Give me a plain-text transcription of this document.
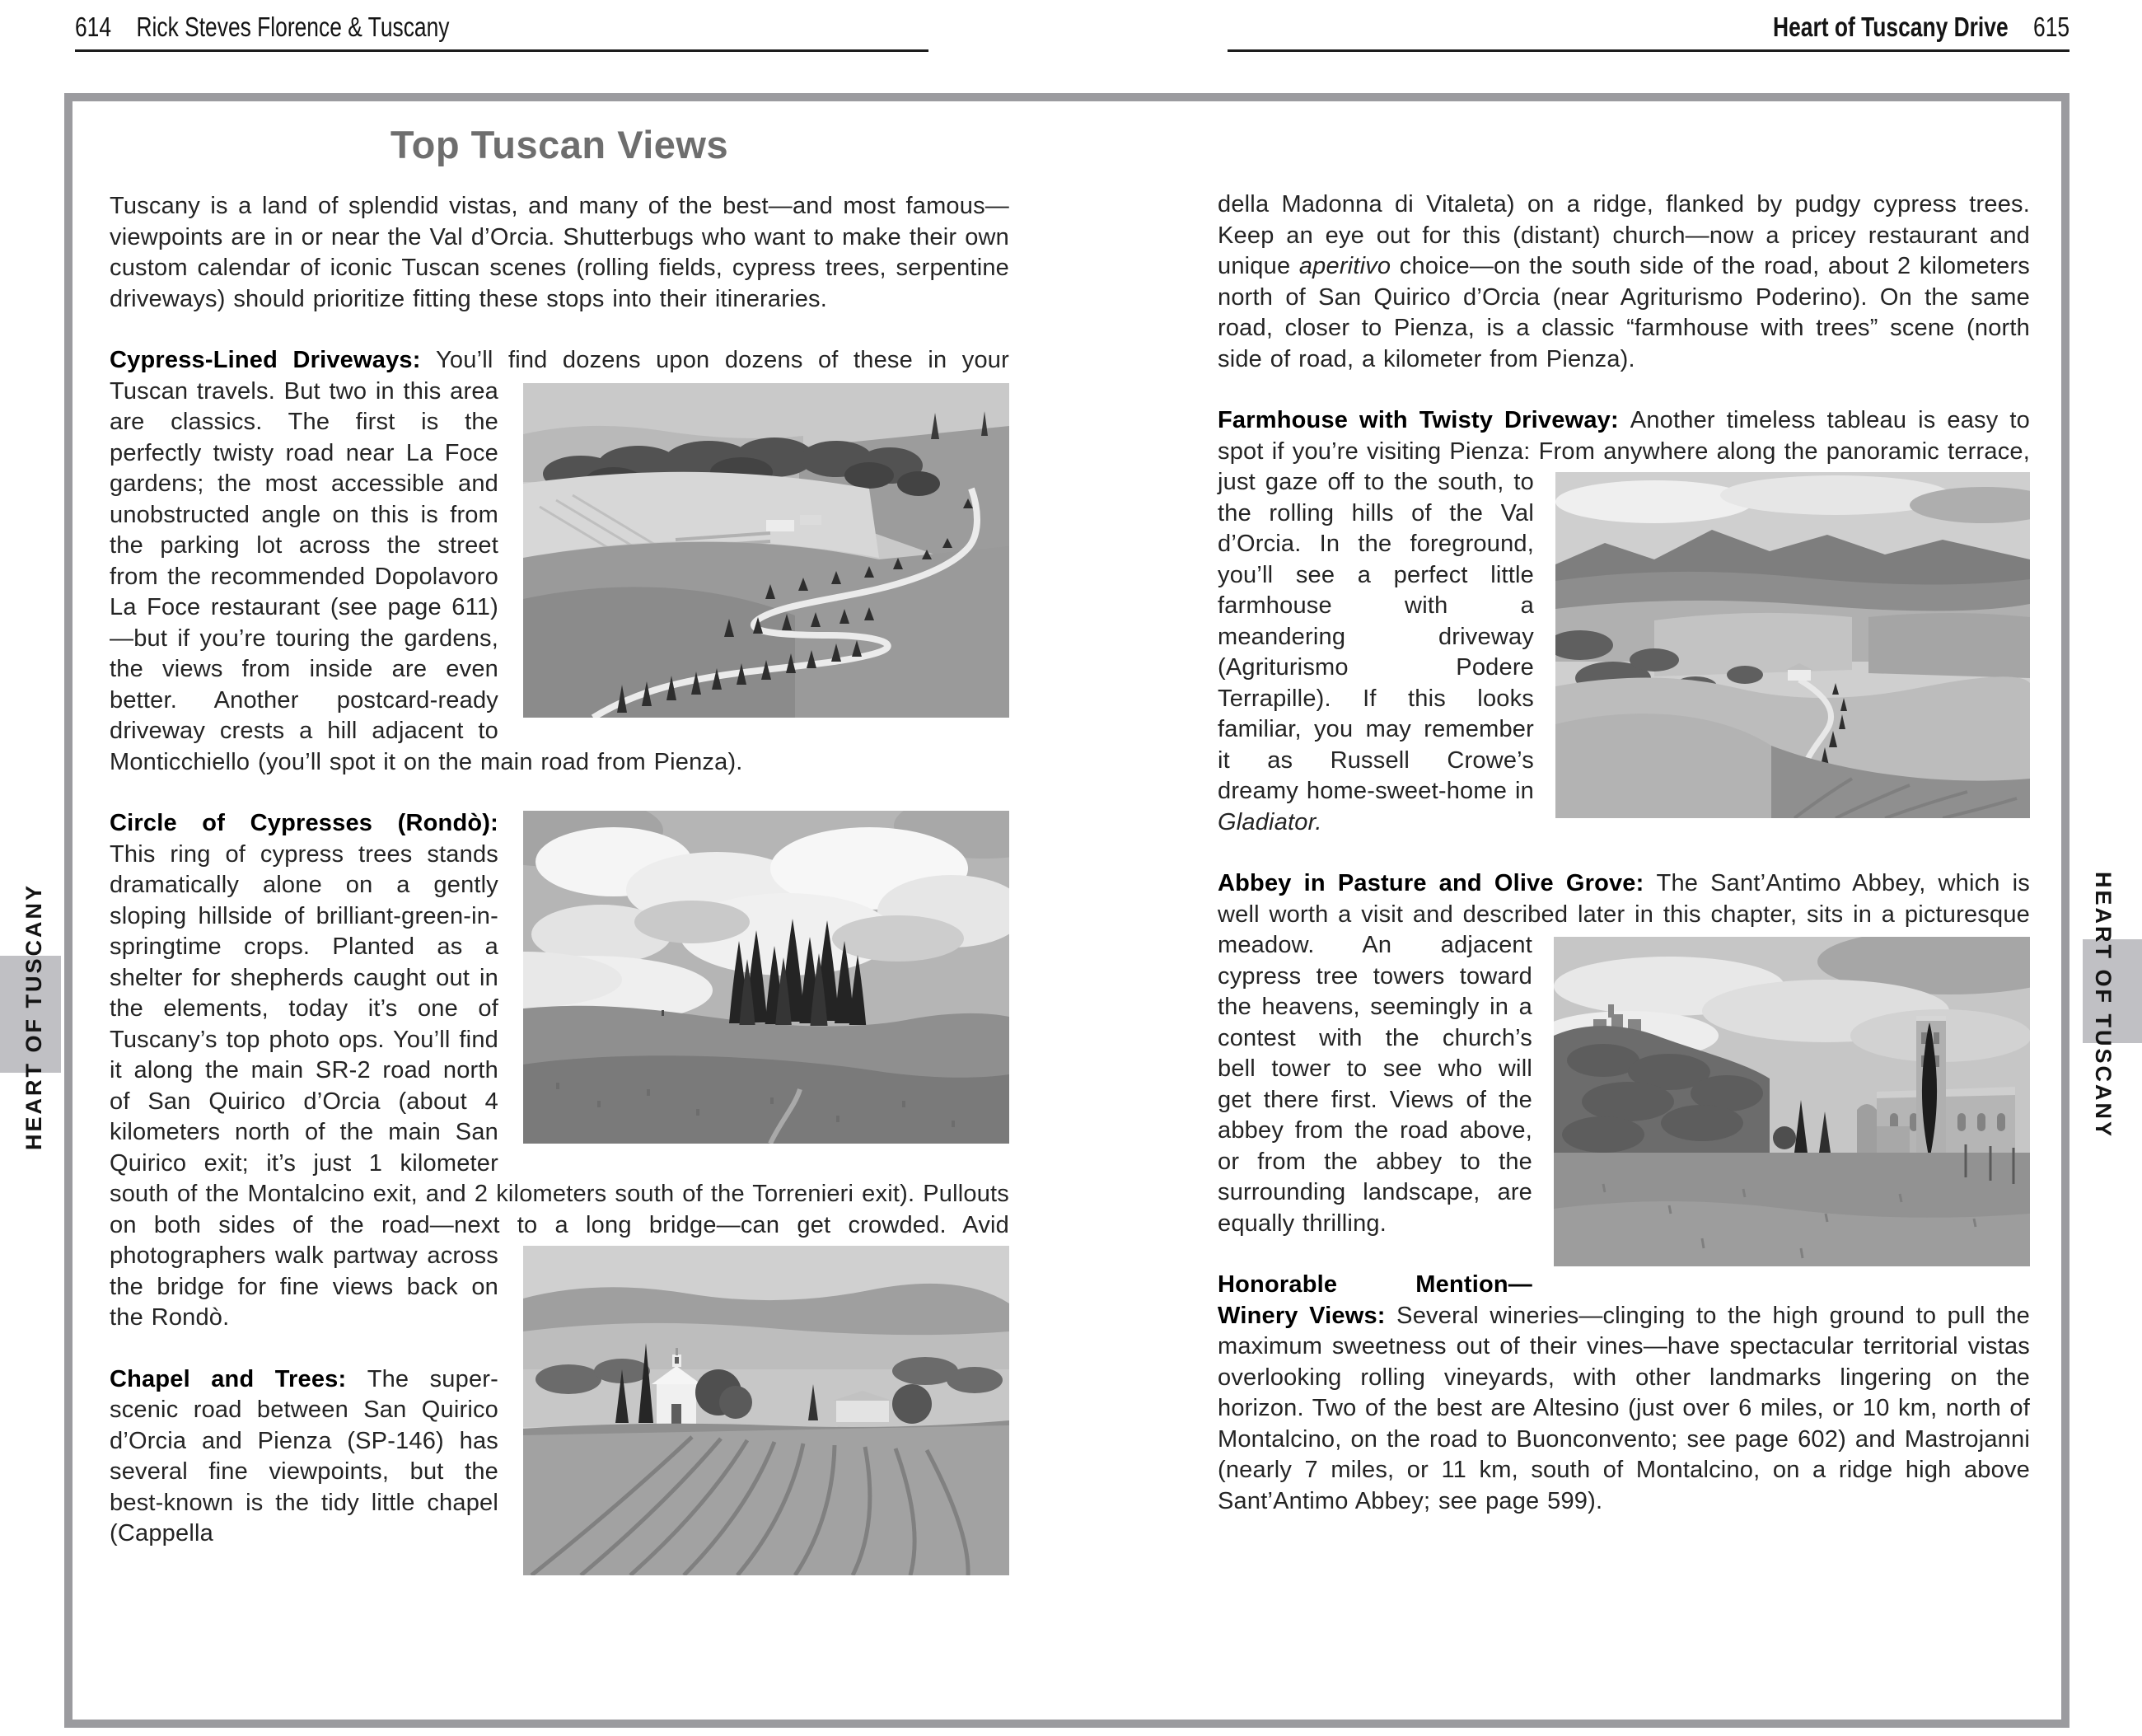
614 Rick Steves Florence & Tuscany	Heart of Tuscany Drive 615
HEART OF TUSCANY	HEART OF TUSCANY
Top Tuscan Views

Tuscany is a land of splendid vistas, and many of the best—and most famous—viewpoints are in or near the Val d’Orcia. Shutterbugs who want to make their own custom calendar of iconic Tuscan scenes (rolling fields, cypress trees, serpentine driveways) should prioritize fitting these stops into their itineraries.

Cypress-Lined Driveways: You’ll find dozens upon dozens of
these in your Tuscan travels. But two in this area are classics. The first is the perfectly twisty road near La Foce gardens; the most accessible and unobstructed angle on this is from the parking lot across the street from the recommended Dopolavoro La Foce restaurant (see page 611)—but if you’re touring the gardens, the views from inside are even better. Another postcard-ready driveway crests a hill adjacent to Monticchiello (you’ll spot it on the main road from Pienza).

Circle of Cypresses (Rondò): This ring of cypress trees stands dramatically alone on a gently sloping hillside of brilliant-green-in-springtime crops. Planted as a shelter for shepherds caught out in the elements, today it’s one of Tuscany’s top photo ops. You’ll find it along the main SR-2 road north of San Quirico d’Orcia (about 4 kilometers north of the main San Quirico exit; it’s just 1 kilometer south of the Montalcino exit, and 2 kilometers south of the Torrenieri exit). Pullouts on both sides of the road—next to a
long bridge—can get crowded. Avid photographers walk partway across the bridge for fine views back on the Rondò.

Chapel and Trees: The super-scenic road between San Quirico d’Orcia and Pienza (SP-146) has several fine viewpoints, but the best-known is the tidy little chapel (Cappella

della Madonna di Vitaleta) on a ridge, flanked by pudgy cypress trees. Keep an eye out for this (distant) church—now a pricey restaurant and unique aperitivo choice—on the south side of the road, about 2 kilometers north of San Quirico d’Orcia (near Agriturismo Poderino). On the same road, closer to Pienza, is a classic “farmhouse with trees” scene (north side of road, a kilometer from Pienza).

Farmhouse with Twisty Driveway: Another timeless tableau is easy to spot if you’re visiting Pienza: From anywhere along the
panoramic terrace, just gaze off to the south, to the rolling hills of the Val d’Orcia. In the foreground, you’ll see a perfect little farmhouse with a meandering driveway (Agriturismo Podere Terrapille). If this looks familiar, you may remember it as Russell Crowe’s dreamy home-sweet-home in Gladiator.

Abbey in Pasture and Olive Grove: The Sant’Antimo Abbey, which is well worth a visit and described later in this chapter, sits
in a picturesque meadow. An adjacent cypress tree towers toward the heavens, seemingly in a contest with the church’s bell tower to see who will get there first. Views of the abbey from the road above, or from the abbey to the surrounding landscape, are equally thrilling.

Honorable Mention—Winery Views: Several wineries—clinging to the high ground to pull the maximum sweetness out of their vines—have spectacular territorial vistas overlooking rolling vineyards, with other landmarks lingering on the horizon. Two of the best are Altesino (just over 6 miles, or 10 km, north of Montalcino, on the road to Buonconvento; see page 602) and Mastrojanni (nearly 7 miles, or 11 km, south of Montalcino, on a ridge high above Sant’Antimo Abbey; see page 599).
